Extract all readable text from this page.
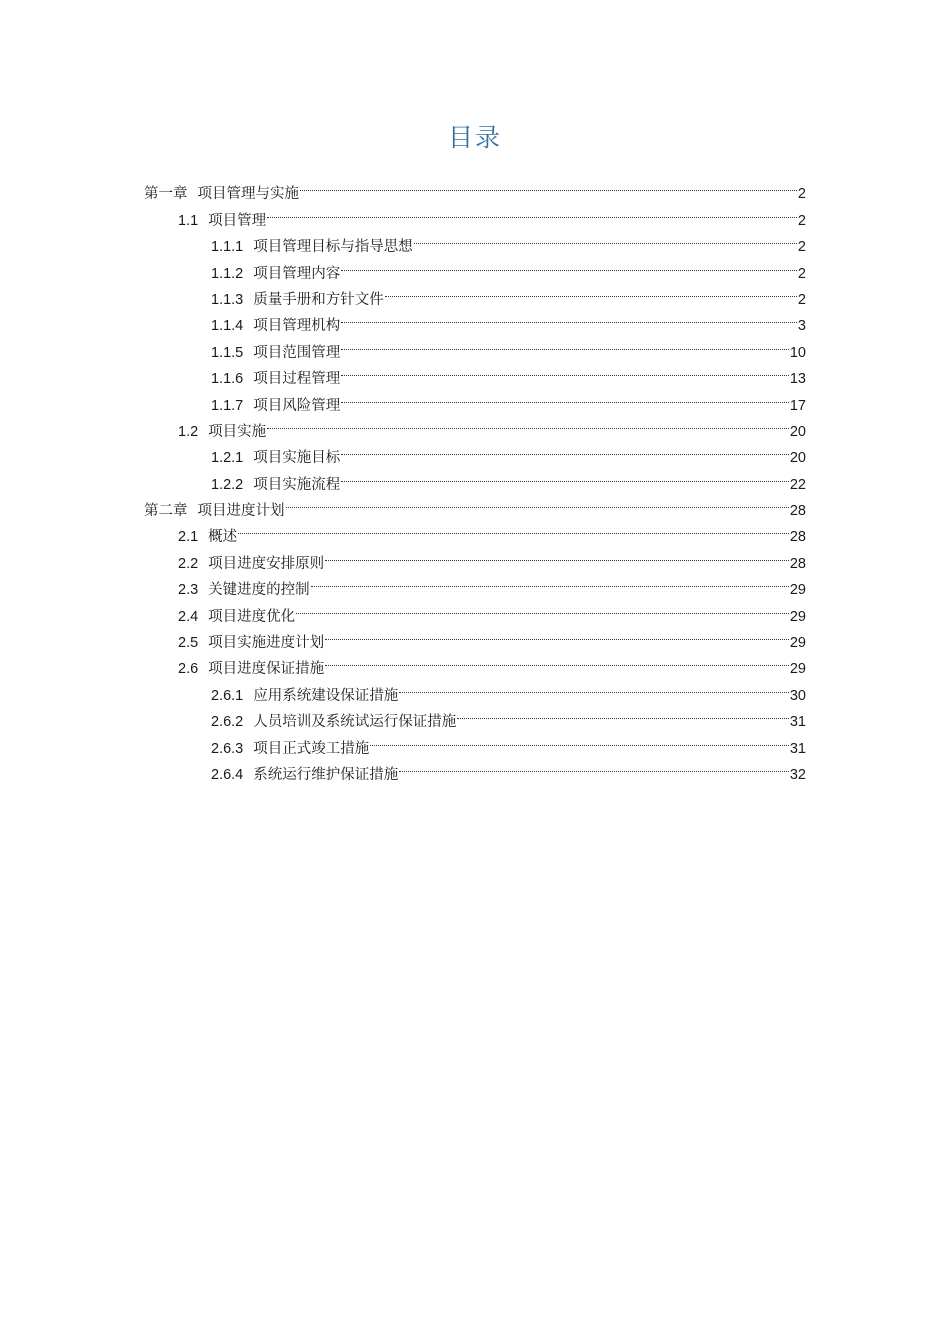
目录
第一章 项目管理与实施	2
1.1 项目管理	2
1.1.1 项目管理目标与指导思想	2
1.1.2 项目管理内容	2
1.1.3 质量手册和方针文件	2
1.1.4 项目管理机构	3
1.1.5 项目范围管理	10
1.1.6 项目过程管理	13
1.1.7 项目风险管理	17
1.2 项目实施	20
1.2.1 项目实施目标	20
1.2.2 项目实施流程	22
第二章 项目进度计划	28
2.1 概述	28
2.2 项目进度安排原则	28
2.3 关键进度的控制	29
2.4 项目进度优化	29
2.5 项目实施进度计划	29
2.6 项目进度保证措施	29
2.6.1 应用系统建设保证措施	30
2.6.2 人员培训及系统试运行保证措施	31
2.6.3 项目正式竣工措施	31
2.6.4 系统运行维护保证措施	32
